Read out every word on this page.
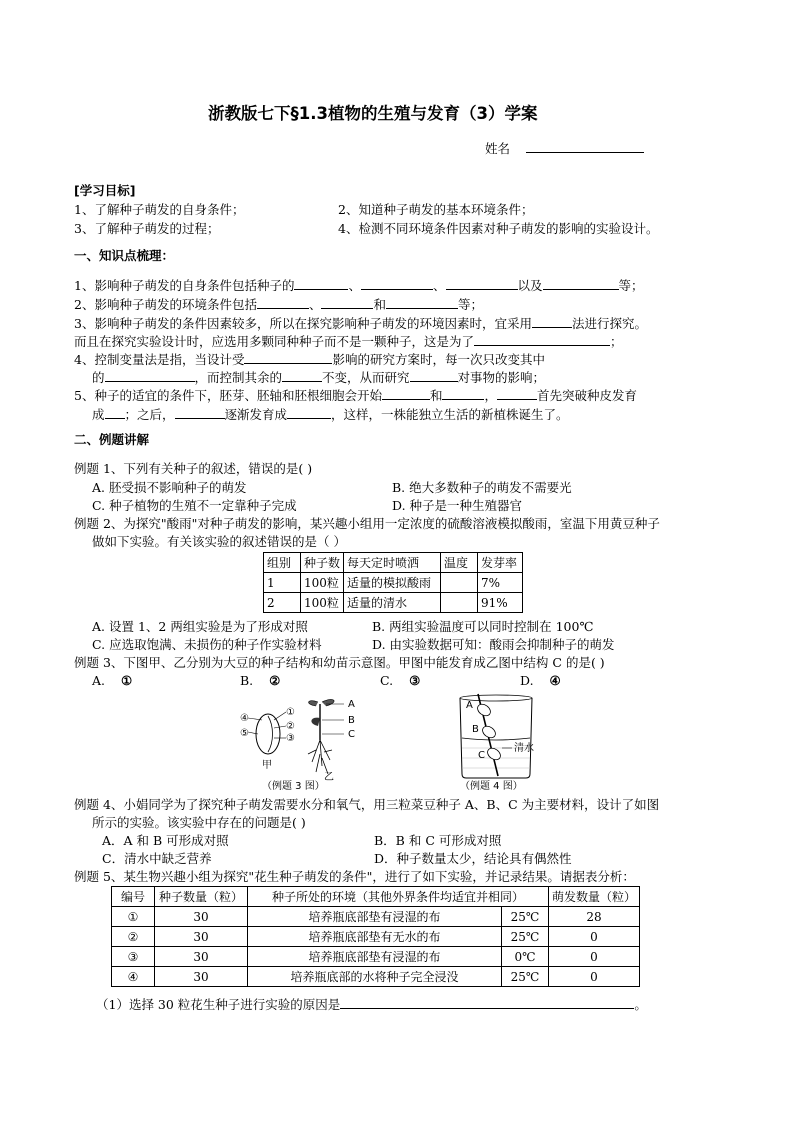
浙教版七下§1.3植物的生殖与发育（3）学案
姓名
[学习目标]
1、了解种子萌发的自身条件；	2、知道种子萌发的基本环境条件；
3、了解种子萌发的过程；	4、检测不同环境条件因素对种子萌发的影响的实验设计。
一、知识点梳理：
1、影响种子萌发的自身条件包括种子的	、	、	以及	等；
2、影响种子萌发的环境条件包括	、	和	等；
3、影响种子萌发的条件因素较多，所以在探究影响种子萌发的环境因素时，宜采用	法进行探究。
而且在探究实验设计时，应选用多颗同种种子而不是一颗种子，这是为了	；
4、控制变量法是指，当设计受	影响的研究方案时，每一次只改变其中
的	，而控制其余的	不变，从而研究	对事物的影响；
5、种子的适宜的条件下，胚芽、胚轴和胚根细胞会开始	和	，	首先突破种皮发育
成 ；之后，	逐渐发育成	，这样，一株能独立生活的新植株诞生了。
二、例题讲解
例题 1、下列有关种子的叙述，错误的是( )
A. 胚受损不影响种子的萌发	B. 绝大多数种子的萌发不需要光
C. 种子植物的生殖不一定靠种子完成	D. 种子是一种生殖器官
例题 2、为探究"酸雨"对种子萌发的影响，某兴趣小组用一定浓度的硫酸溶液模拟酸雨，室温下用黄豆种子
做如下实验。有关该实验的叙述错误的是（ ）
组别	种子数	每天定时喷洒	温度	发芽率
1	100粒	适量的模拟酸雨		7%
2	100粒	适量的清水		91%
A. 设置 1、2 两组实验是为了形成对照	B. 两组实验温度可以同时控制在 100℃
C. 应选取饱满、未损伤的种子作实验材料	D. 由实验数据可知：酸雨会抑制种子的萌发
例题 3、下图甲、乙分别为大豆的种子结构和幼苗示意图。甲图中能发育成乙图中结构 C 的是( )
A. ①	B. ②	C. ③	D. ④
④
①
②
⑤	③
A
B
C
甲
乙
（例题 3 图）
A
B
C
清水
（例题 4 图）
例题 4、小娟同学为了探究种子萌发需要水分和氧气，用三粒菜豆种子 A、B、C 为主要材料，设计了如图
所示的实验。该实验中存在的问题是( )
A．A 和 B 可形成对照	B．B 和 C 可形成对照
C．清水中缺乏营养	D．种子数量太少，结论具有偶然性
例题 5、某生物兴趣小组为探究"花生种子萌发的条件"，进行了如下实验，并记录结果。请据表分析：
编号	种子数量（粒）	种子所处的环境（其他外界条件均适宜并相同）		萌发数量（粒）
①	30	培养瓶底部垫有浸湿的布	25℃	28
②	30	培养瓶底部垫有无水的布	25℃	0
③	30	培养瓶底部垫有浸湿的布	0℃	0
④	30	培养瓶底部的水将种子完全浸没	25℃	0
（1）选择 30 粒花生种子进行实验的原因是	。
